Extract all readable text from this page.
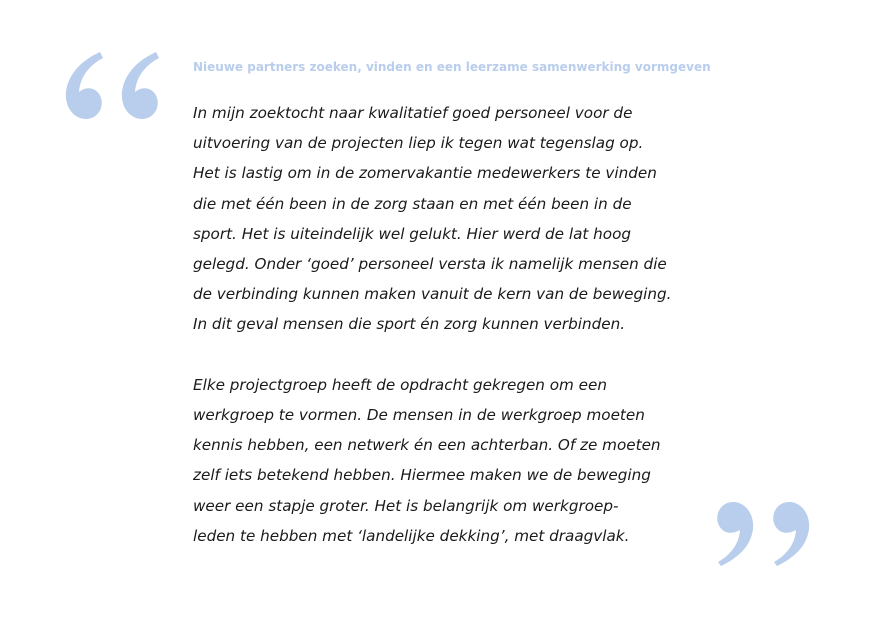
Nieuwe partners zoeken, vinden en een leerzame samenwerking vormgeven
In mijn zoektocht naar kwalitatief goed personeel voor de
uitvoering van de projecten liep ik tegen wat tegenslag op.
Het is lastig om in de zomervakantie medewerkers te vinden
die met één been in de zorg staan en met één been in de
sport. Het is uiteindelijk wel gelukt. Hier werd de lat hoog
gelegd. Onder ‘goed’ personeel versta ik namelijk mensen die
de verbinding kunnen maken vanuit de kern van de beweging.
In dit geval mensen die sport én zorg kunnen verbinden.
Elke projectgroep heeft de opdracht gekregen om een
werkgroep te vormen. De mensen in de werkgroep moeten
kennis hebben, een netwerk én een achterban. Of ze moeten
zelf iets betekend hebben. Hiermee maken we de beweging
weer een stapje groter. Het is belangrijk om werkgroep-
leden te hebben met ‘landelijke dekking’, met draagvlak.
